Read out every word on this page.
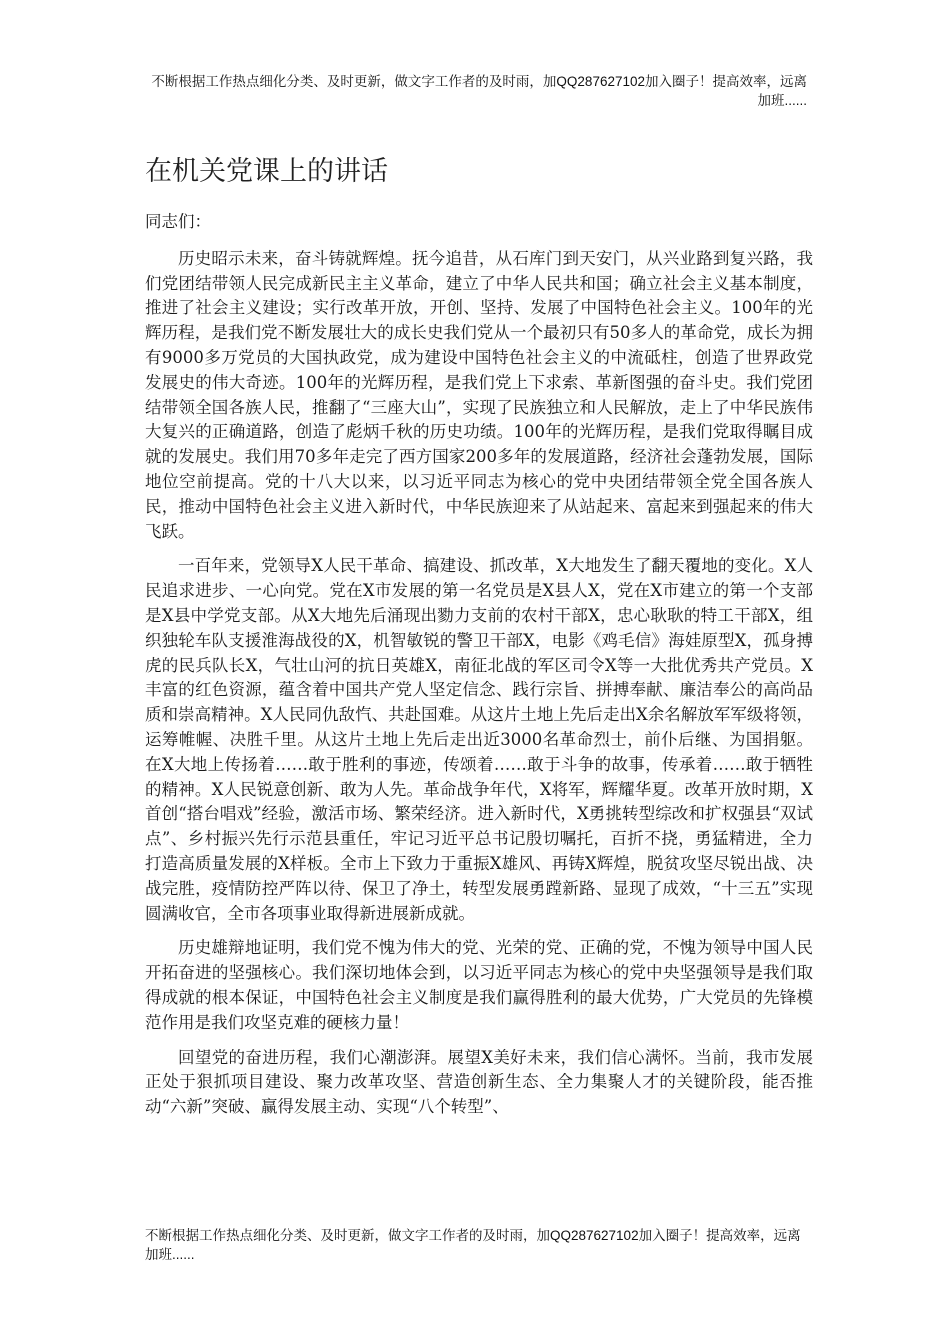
不断根据工作热点细化分类、及时更新，做文字工作者的及时雨，加QQ287627102加入圈子！提高效率，远离加班......
在机关党课上的讲话

同志们：

历史昭示未来，奋斗铸就辉煌。抚今追昔，从石库门到天安门，从兴业路到复兴路，我们党团结带领人民完成新民主主义革命，建立了中华人民共和国；确立社会主义基本制度，推进了社会主义建设；实行改革开放，开创、坚持、发展了中国特色社会主义。100年的光辉历程，是我们党不断发展壮大的成长史我们党从一个最初只有50多人的革命党，成长为拥有9000多万党员的大国执政党，成为建设中国特色社会主义的中流砥柱，创造了世界政党发展史的伟大奇迹。100年的光辉历程，是我们党上下求索、革新图强的奋斗史。我们党团结带领全国各族人民，推翻了“三座大山”，实现了民族独立和人民解放，走上了中华民族伟大复兴的正确道路，创造了彪炳千秋的历史功绩。100年的光辉历程，是我们党取得瞩目成就的发展史。我们用70多年走完了西方国家200多年的发展道路，经济社会蓬勃发展，国际地位空前提高。党的十八大以来，以习近平同志为核心的党中央团结带领全党全国各族人民，推动中国特色社会主义进入新时代，中华民族迎来了从站起来、富起来到强起来的伟大飞跃。

一百年来，党领导X人民干革命、搞建设、抓改革，X大地发生了翻天覆地的变化。X人民追求进步、一心向党。党在X市发展的第一名党员是X县人X，党在X市建立的第一个支部是X县中学党支部。从X大地先后涌现出勠力支前的农村干部X，忠心耿耿的特工干部X，组织独轮车队支援淮海战役的X，机智敏锐的警卫干部X，电影《鸡毛信》海娃原型X，孤身搏虎的民兵队长X，气壮山河的抗日英雄X，南征北战的军区司令X等一大批优秀共产党员。X丰富的红色资源，蕴含着中国共产党人坚定信念、践行宗旨、拼搏奉献、廉洁奉公的高尚品质和崇高精神。X人民同仇敌忾、共赴国难。从这片土地上先后走出X余名解放军军级将领，运筹帷幄、决胜千里。从这片土地上先后走出近3000名革命烈士，前仆后继、为国捐躯。在X大地上传扬着……敢于胜利的事迹，传颂着……敢于斗争的故事，传承着……敢于牺牲的精神。X人民锐意创新、敢为人先。革命战争年代，X将军，辉耀华夏。改革开放时期，X首创“搭台唱戏”经验，激活市场、繁荣经济。进入新时代，X勇挑转型综改和扩权强县“双试点”、乡村振兴先行示范县重任，牢记习近平总书记殷切嘱托，百折不挠，勇猛精进，全力打造高质量发展的X样板。全市上下致力于重振X雄风、再铸X辉煌，脱贫攻坚尽锐出战、决战完胜，疫情防控严阵以待、保卫了净土，转型发展勇蹚新路、显现了成效，“十三五”实现圆满收官，全市各项事业取得新进展新成就。

历史雄辩地证明，我们党不愧为伟大的党、光荣的党、正确的党，不愧为领导中国人民开拓奋进的坚强核心。我们深切地体会到，以习近平同志为核心的党中央坚强领导是我们取得成就的根本保证，中国特色社会主义制度是我们赢得胜利的最大优势，广大党员的先锋模范作用是我们攻坚克难的硬核力量！

回望党的奋进历程，我们心潮澎湃。展望X美好未来，我们信心满怀。当前，我市发展正处于狠抓项目建设、聚力改革攻坚、营造创新生态、全力集聚人才的关键阶段，能否推动“六新”突破、赢得发展主动、实现“八个转型”、

不断根据工作热点细化分类、及时更新，做文字工作者的及时雨，加QQ287627102加入圈子！提高效率，远离加班......
